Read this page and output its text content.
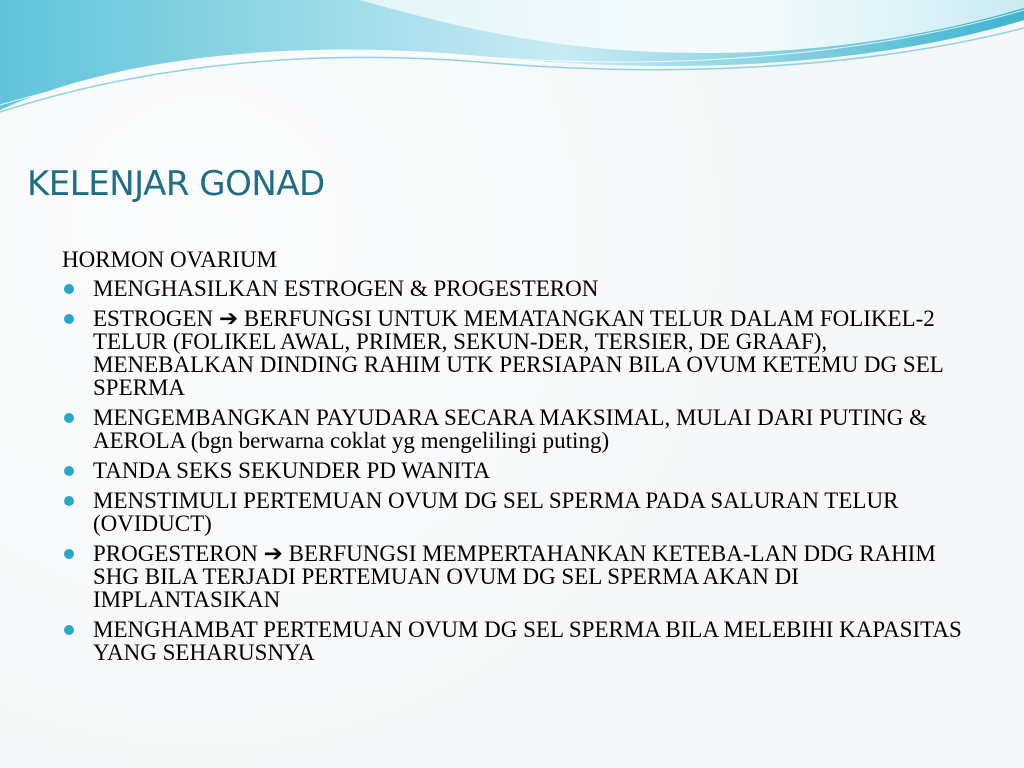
KELENJAR GONAD
HORMON OVARIUM
MENGHASILKAN ESTROGEN & PROGESTERON
ESTROGEN ➔ BERFUNGSI UNTUK MEMATANGKAN TELUR DALAM FOLIKEL-2 TELUR (FOLIKEL AWAL, PRIMER, SEKUN-DER, TERSIER, DE GRAAF), MENEBALKAN DINDING RAHIM UTK PERSIAPAN BILA OVUM KETEMU DG SEL SPERMA
MENGEMBANGKAN PAYUDARA SECARA MAKSIMAL, MULAI DARI PUTING & AEROLA (bgn berwarna coklat yg mengelilingi puting)
TANDA SEKS SEKUNDER PD WANITA
MENSTIMULI PERTEMUAN OVUM DG SEL SPERMA PADA SALURAN TELUR (OVIDUCT)
PROGESTERON ➔ BERFUNGSI MEMPERTAHANKAN KETEBA-LAN DDG RAHIM SHG BILA TERJADI PERTEMUAN OVUM DG SEL SPERMA AKAN DI IMPLANTASIKAN
MENGHAMBAT PERTEMUAN OVUM DG SEL SPERMA BILA MELEBIHI KAPASITAS YANG SEHARUSNYA
